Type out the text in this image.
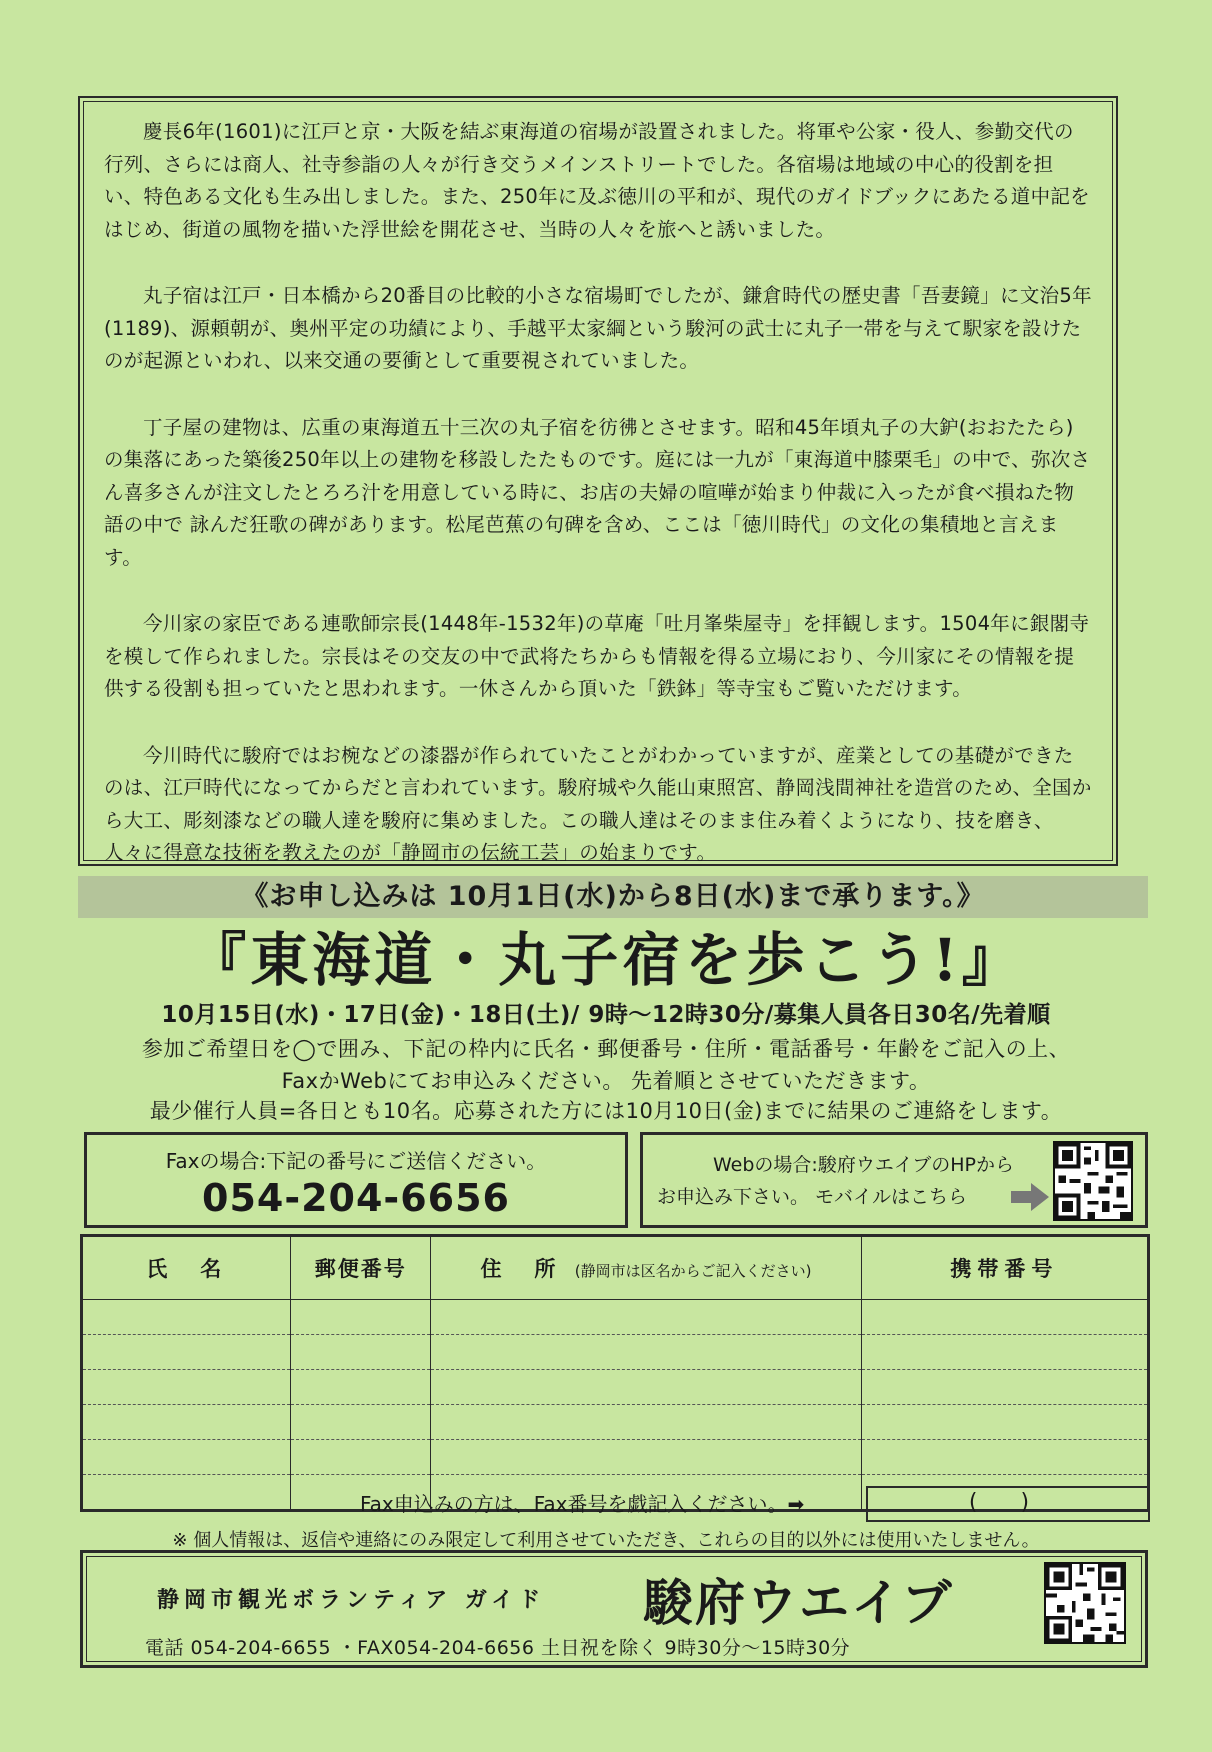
慶長6年(1601)に江戸と京・大阪を結ぶ東海道の宿場が設置されました。将軍や公家・役人、参勤交代の行列、さらには商人、社寺参詣の人々が行き交うメインストリートでした。各宿場は地域の中心的役割を担い、特色ある文化も生み出しました。また、250年に及ぶ徳川の平和が、現代のガイドブックにあたる道中記をはじめ、街道の風物を描いた浮世絵を開花させ、当時の人々を旅へと誘いました。

丸子宿は江戸・日本橋から20番目の比較的小さな宿場町でしたが、鎌倉時代の歴史書「吾妻鏡」に文治5年(1189)、源頼朝が、奥州平定の功績により、手越平太家綱という駿河の武士に丸子一帯を与えて駅家を設けたのが起源といわれ、以来交通の要衝として重要視されていました。

丁子屋の建物は、広重の東海道五十三次の丸子宿を彷彿とさせます。昭和45年頃丸子の大鈩(おおたたら)の集落にあった築後250年以上の建物を移設したたものです。庭には一九が「東海道中膝栗毛」の中で、弥次さん喜多さんが注文したとろろ汁を用意している時に、お店の夫婦の喧嘩が始まり仲裁に入ったが食べ損ねた物語の中で 詠んだ狂歌の碑があります。松尾芭蕉の句碑を含め、ここは「徳川時代」の文化の集積地と言えます。

今川家の家臣である連歌師宗長(1448年-1532年)の草庵「吐月峯柴屋寺」を拝観します。1504年に銀閣寺を模して作られました。宗長はその交友の中で武将たちからも情報を得る立場におり、今川家にその情報を提供する役割も担っていたと思われます。一休さんから頂いた「鉄鉢」等寺宝もご覧いただけます。

今川時代に駿府ではお椀などの漆器が作られていたことがわかっていますが、産業としての基礎ができたのは、江戸時代になってからだと言われています。駿府城や久能山東照宮、静岡浅間神社を造営のため、全国から大工、彫刻漆などの職人達を駿府に集めました。この職人達はそのまま住み着くようになり、技を磨き、人々に得意な技術を教えたのが「静岡市の伝統工芸」の始まりです。

《お申し込みは 10月1日(水)から8日(水)まで承ります。》
『東海道・丸子宿を歩こう!』
10月15日(水)・17日(金)・18日(土)/ 9時〜12時30分/募集人員各日30名/先着順
参加ご希望日を◯で囲み、下記の枠内に氏名・郵便番号・住所・電話番号・年齢をご記入の上、
FaxかWebにてお申込みください。 先着順とさせていただきます。
最少催行人員=各日とも10名。応募された方には10月10日(金)までに結果のご連絡をします。
Faxの場合:下記の番号にご送信ください。
054-204-6656
Webの場合:駿府ウエイブのHPから
お申込み下さい。 モバイルはこちら
氏　名	郵便番号	住　所 (静岡市は区名からご記入ください)	携帯番号

Fax申込みの方は、Fax番号を戯記入ください。➡	( )
※ 個人情報は、返信や連絡にのみ限定して利用させていただき、これらの目的以外には使用いたしません。
静岡市観光ボランティア ガイド 駿府ウエイブ
電話 054-204-6655 ・FAX054-204-6656 土日祝を除く 9時30分〜15時30分
